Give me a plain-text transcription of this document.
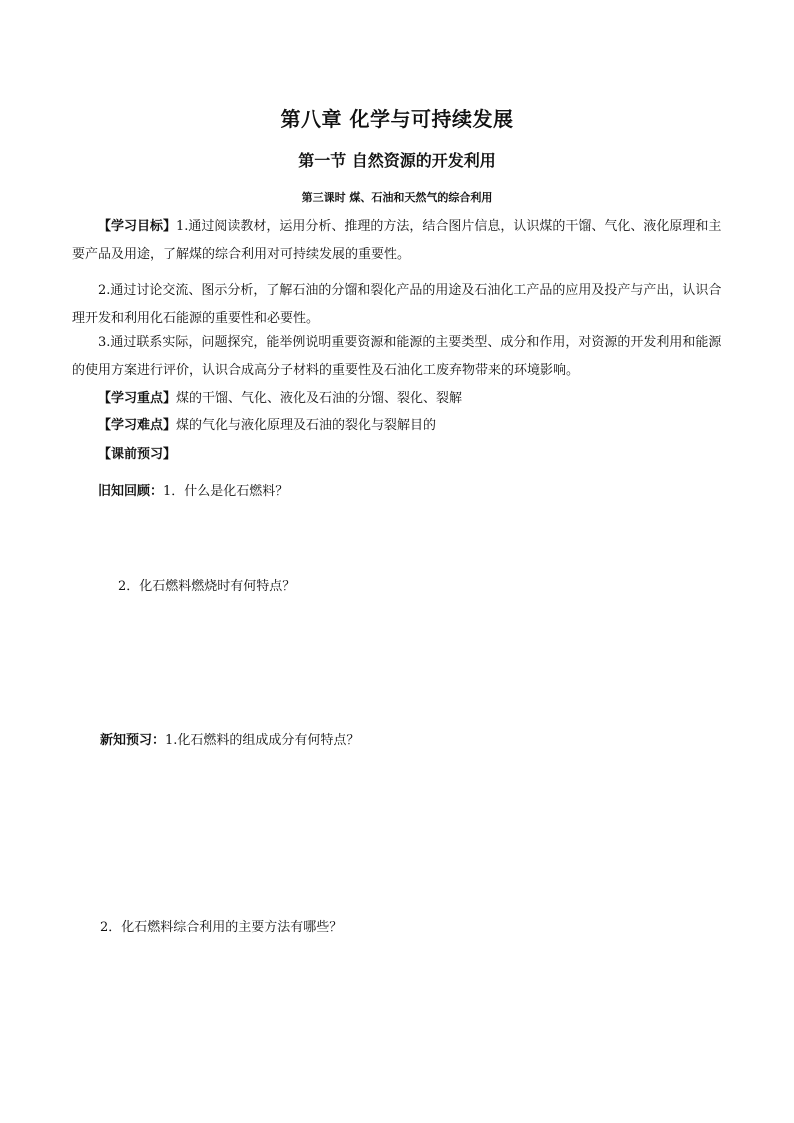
第八章 化学与可持续发展
第一节 自然资源的开发利用
第三课时 煤、石油和天然气的综合利用
【学习目标】1.通过阅读教材，运用分析、推理的方法，结合图片信息，认识煤的干馏、气化、液化原理和主要产品及用途，了解煤的综合利用对可持续发展的重要性。
2.通过讨论交流、图示分析，了解石油的分馏和裂化产品的用途及石油化工产品的应用及投产与产出，认识合理开发和利用化石能源的重要性和必要性。
3.通过联系实际，问题探究，能举例说明重要资源和能源的主要类型、成分和作用，对资源的开发利用和能源的使用方案进行评价，认识合成高分子材料的重要性及石油化工废弃物带来的环境影响。
【学习重点】煤的干馏、气化、液化及石油的分馏、裂化、裂解
【学习难点】煤的气化与液化原理及石油的裂化与裂解目的
【课前预习】
旧知回顾：1．什么是化石燃料？
2．化石燃料燃烧时有何特点？
新知预习：1.化石燃料的组成成分有何特点？
2．化石燃料综合利用的主要方法有哪些？
